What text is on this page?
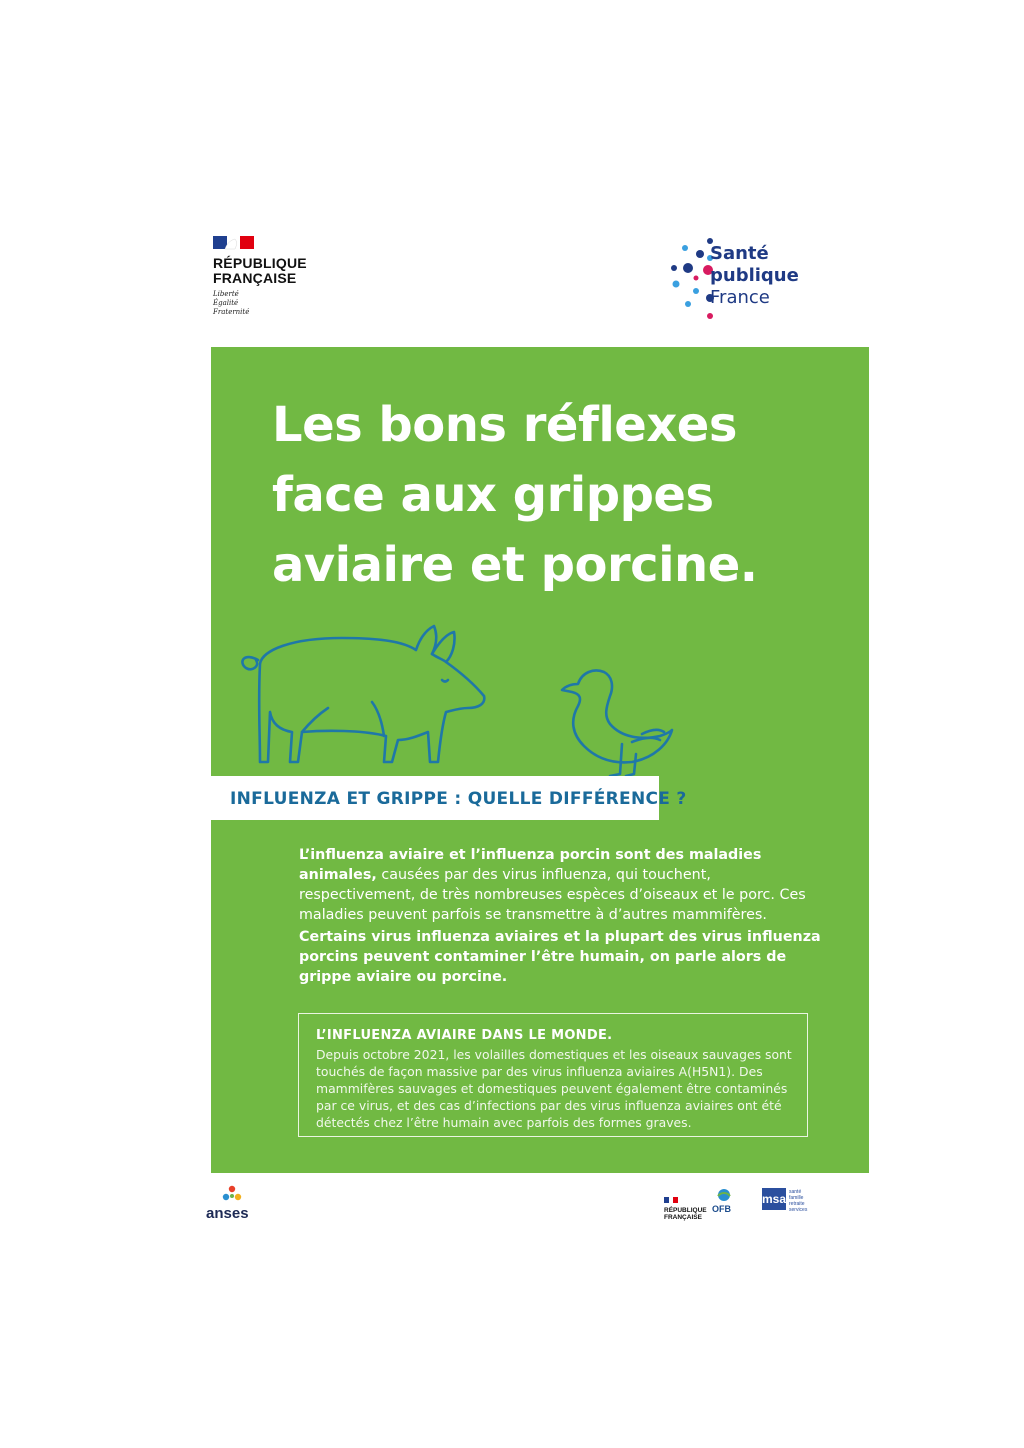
RÉPUBLIQUE
FRANÇAISE
Liberté
Égalité
Fraternité
Santé
publique
France
Les bons réflexes face aux grippes aviaire et porcine.
INFLUENZA ET GRIPPE : QUELLE DIFFÉRENCE ?
L’influenza aviaire et l’influenza porcin sont des maladies animales, causées par des virus influenza, qui touchent, respectivement, de très nombreuses espèces d’oiseaux et le porc. Ces maladies peuvent parfois se transmettre à d’autres mammifères.
Certains virus influenza aviaires et la plupart des virus influenza porcins peuvent contaminer l’être humain, on parle alors de grippe aviaire ou porcine.
L’INFLUENZA AVIAIRE DANS LE MONDE.
Depuis octobre 2021, les volailles domestiques et les oiseaux sauvages sont touchés de façon massive par des virus influenza aviaires A(H5N1). Des mammifères sauvages et domestiques peuvent également être contaminés par ce virus, et des cas d’infections par des virus influenza aviaires ont été détectés chez l’être humain avec parfois des formes graves.
anses	RÉPUBLIQUE
FRANÇAISE
OFB
msa santé
famille
retraite
services
